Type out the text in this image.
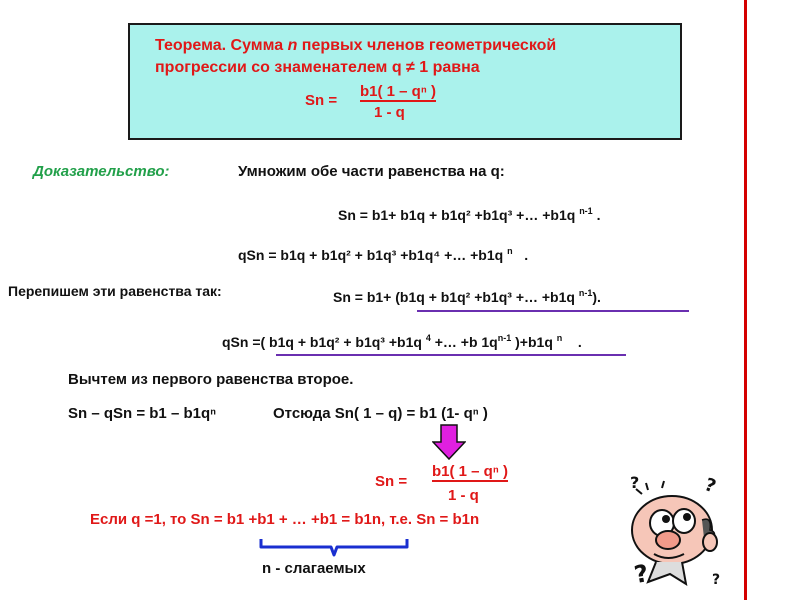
Теорема. Сумма n первых членов геометрической
прогрессии со знаменателем q ≠ 1 равна
Sn =
b1( 1 – qⁿ )
1 - q
Доказательство:	Умножим обе части равенства на q:
Sn = b1+ b1q + b1q² +b1q³ +… +b1q $^{n-1}$ .
qSn = b1q + b1q² + b1q³ +b1q⁴ +… +b1q $^n$ .
Перепишем эти равенства так:	Sn = b1+ (b1q + b1q² +b1q³ +… +b1q $^{n-1}$).
qSn =( b1q + b1q² + b1q³ +b1q $^4$ +… +b $1q^{n-1}$ )+b1q $^n$ .
Вычтем из первого равенства второе.
Sn – qSn = b1 – b1qⁿ	Отсюда Sn( 1 – q) = b1 (1- qⁿ )
Sn =
b1( 1 – qⁿ )
1 - q
Если q =1, то Sn = b1 +b1 + … +b1 = b1n, т.е. Sn = b1n
n - слагаемых
?	?
?	?
